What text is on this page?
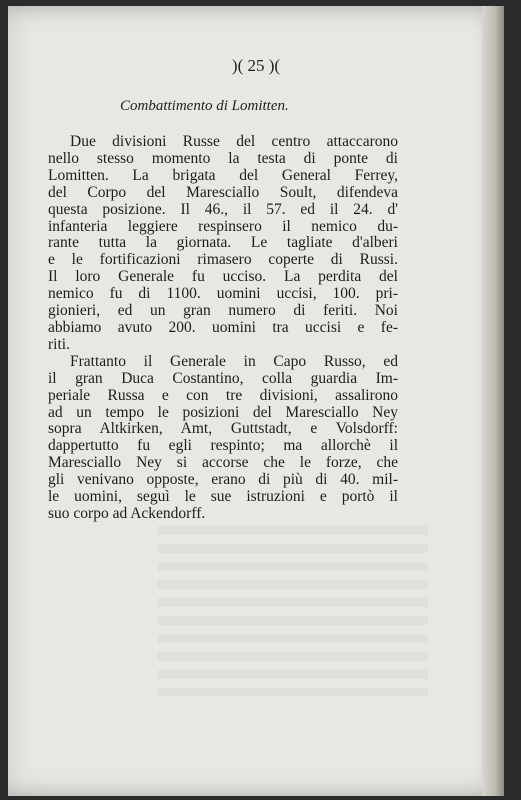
)( 25 )(
Combattimento di Lomitten.
Due divisioni Russe del centro attaccarono
nello stesso momento la testa di ponte di
Lomitten. La brigata del General Ferrey,
del Corpo del Maresciallo Soult, difendeva
questa posizione. Il 46., il 57. ed il 24. d'
infanteria leggiere respinsero il nemico du-
rante tutta la giornata. Le tagliate d'alberi
e le fortificazioni rimasero coperte di Russi.
Il loro Generale fu ucciso. La perdita del
nemico fu di 1100. uomini uccisi, 100. pri-
gionieri, ed un gran numero di feriti. Noi
abbiamo avuto 200. uomini tra uccisi e fe-
riti.
Frattanto il Generale in Capo Russo, ed
il gran Duca Costantino, colla guardia Im-
periale Russa e con tre divisioni, assalirono
ad un tempo le posizioni del Maresciallo Ney
sopra Altkirken, Amt, Guttstadt, e Volsdorff:
dappertutto fu egli respinto; ma allorchè il
Maresciallo Ney si accorse che le forze, che
gli venivano opposte, erano di più di 40. mil-
le uomini, seguì le sue istruzioni e portò il
suo corpo ad Ackendorff.
